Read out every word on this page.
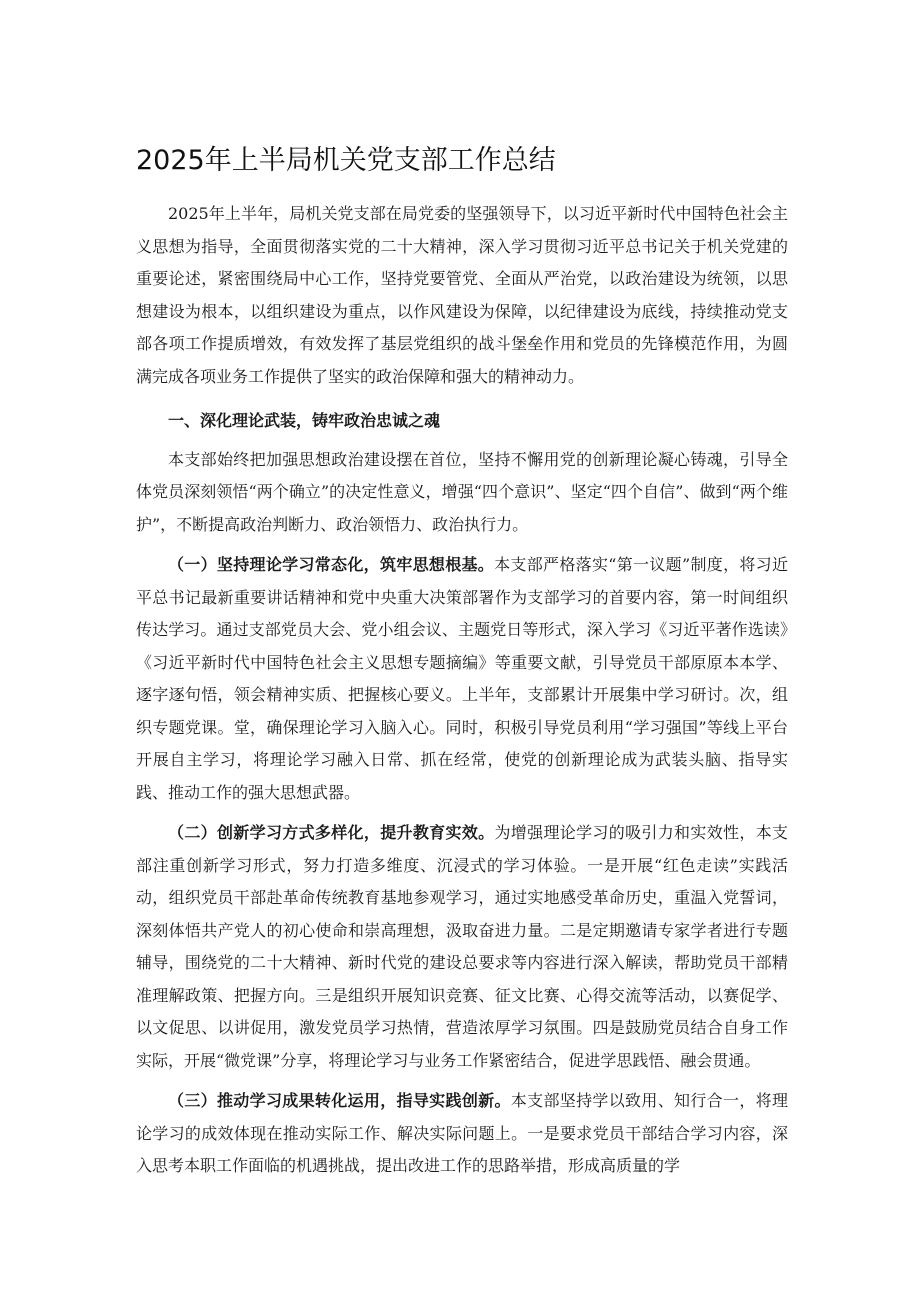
2025年上半局机关党支部工作总结

2025年上半年，局机关党支部在局党委的坚强领导下，以习近平新时代中国特色社会主义思想为指导，全面贯彻落实党的二十大精神，深入学习贯彻习近平总书记关于机关党建的重要论述，紧密围绕局中心工作，坚持党要管党、全面从严治党，以政治建设为统领，以思想建设为根本，以组织建设为重点，以作风建设为保障，以纪律建设为底线，持续推动党支部各项工作提质增效，有效发挥了基层党组织的战斗堡垒作用和党员的先锋模范作用，为圆满完成各项业务工作提供了坚实的政治保障和强大的精神动力。

一、深化理论武装，铸牢政治忠诚之魂

本支部始终把加强思想政治建设摆在首位，坚持不懈用党的创新理论凝心铸魂，引导全体党员深刻领悟“两个确立”的决定性意义，增强“四个意识”、坚定“四个自信”、做到“两个维护”，不断提高政治判断力、政治领悟力、政治执行力。

（一）坚持理论学习常态化，筑牢思想根基。本支部严格落实“第一议题”制度，将习近平总书记最新重要讲话精神和党中央重大决策部署作为支部学习的首要内容，第一时间组织传达学习。通过支部党员大会、党小组会议、主题党日等形式，深入学习《习近平著作选读》《习近平新时代中国特色社会主义思想专题摘编》等重要文献，引导党员干部原原本本学、逐字逐句悟，领会精神实质、把握核心要义。上半年，支部累计开展集中学习研讨。次，组织专题党课。堂，确保理论学习入脑入心。同时，积极引导党员利用“学习强国”等线上平台开展自主学习，将理论学习融入日常、抓在经常，使党的创新理论成为武装头脑、指导实践、推动工作的强大思想武器。

（二）创新学习方式多样化，提升教育实效。为增强理论学习的吸引力和实效性，本支部注重创新学习形式，努力打造多维度、沉浸式的学习体验。一是开展“红色走读”实践活动，组织党员干部赴革命传统教育基地参观学习，通过实地感受革命历史，重温入党誓词，深刻体悟共产党人的初心使命和崇高理想，汲取奋进力量。二是定期邀请专家学者进行专题辅导，围绕党的二十大精神、新时代党的建设总要求等内容进行深入解读，帮助党员干部精准理解政策、把握方向。三是组织开展知识竞赛、征文比赛、心得交流等活动，以赛促学、以文促思、以讲促用，激发党员学习热情，营造浓厚学习氛围。四是鼓励党员结合自身工作实际，开展“微党课”分享，将理论学习与业务工作紧密结合，促进学思践悟、融会贯通。

（三）推动学习成果转化运用，指导实践创新。本支部坚持学以致用、知行合一，将理论学习的成效体现在推动实际工作、解决实际问题上。一是要求党员干部结合学习内容，深入思考本职工作面临的机遇挑战，提出改进工作的思路举措，形成高质量的学
